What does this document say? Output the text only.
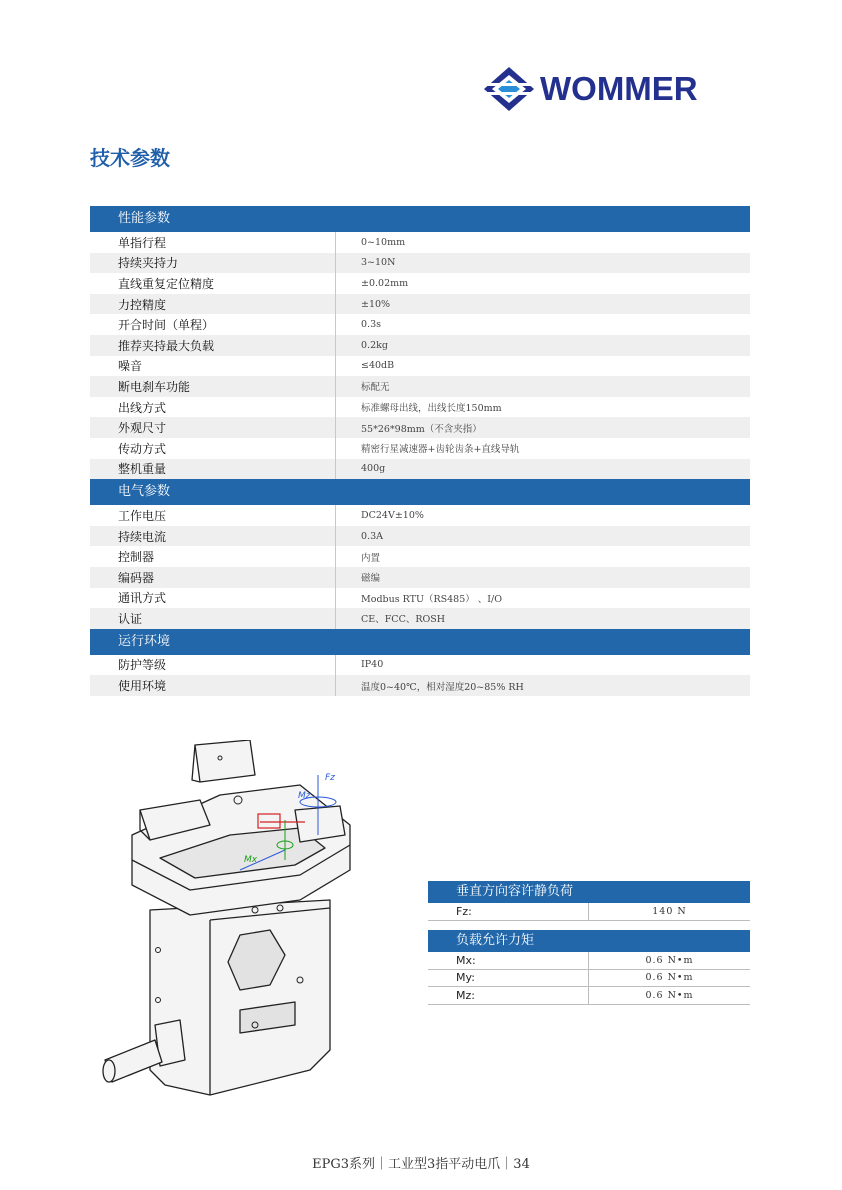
WOMMER
技术参数
性能参数
单指行程	0~10mm
持续夹持力	3~10N
直线重复定位精度	±0.02mm
力控精度	±10%
开合时间（单程）	0.3s
推荐夹持最大负载	0.2kg
噪音	≤40dB
断电刹车功能	标配无
出线方式	标准螺母出线，出线长度150mm
外观尺寸	55*26*98mm（不含夹指）
传动方式	精密行星减速器+齿轮齿条+直线导轨
整机重量	400g
电气参数
工作电压	DC24V±10%
持续电流	0.3A
控制器	内置
编码器	磁编
通讯方式	Modbus RTU（RS485） 、I/O
认证	CE、FCC、ROSH
运行环境
防护等级	IP40
使用环境	温度0~40℃，相对湿度20~85% RH
Fz
Mz
Mx
垂直方向容许静负荷
Fz:	140 N
负载允许力矩
Mx:	0.6 N•m
My:	0.6 N•m
Mz:	0.6 N•m
EPG3系列｜工业型3指平动电爪｜34
